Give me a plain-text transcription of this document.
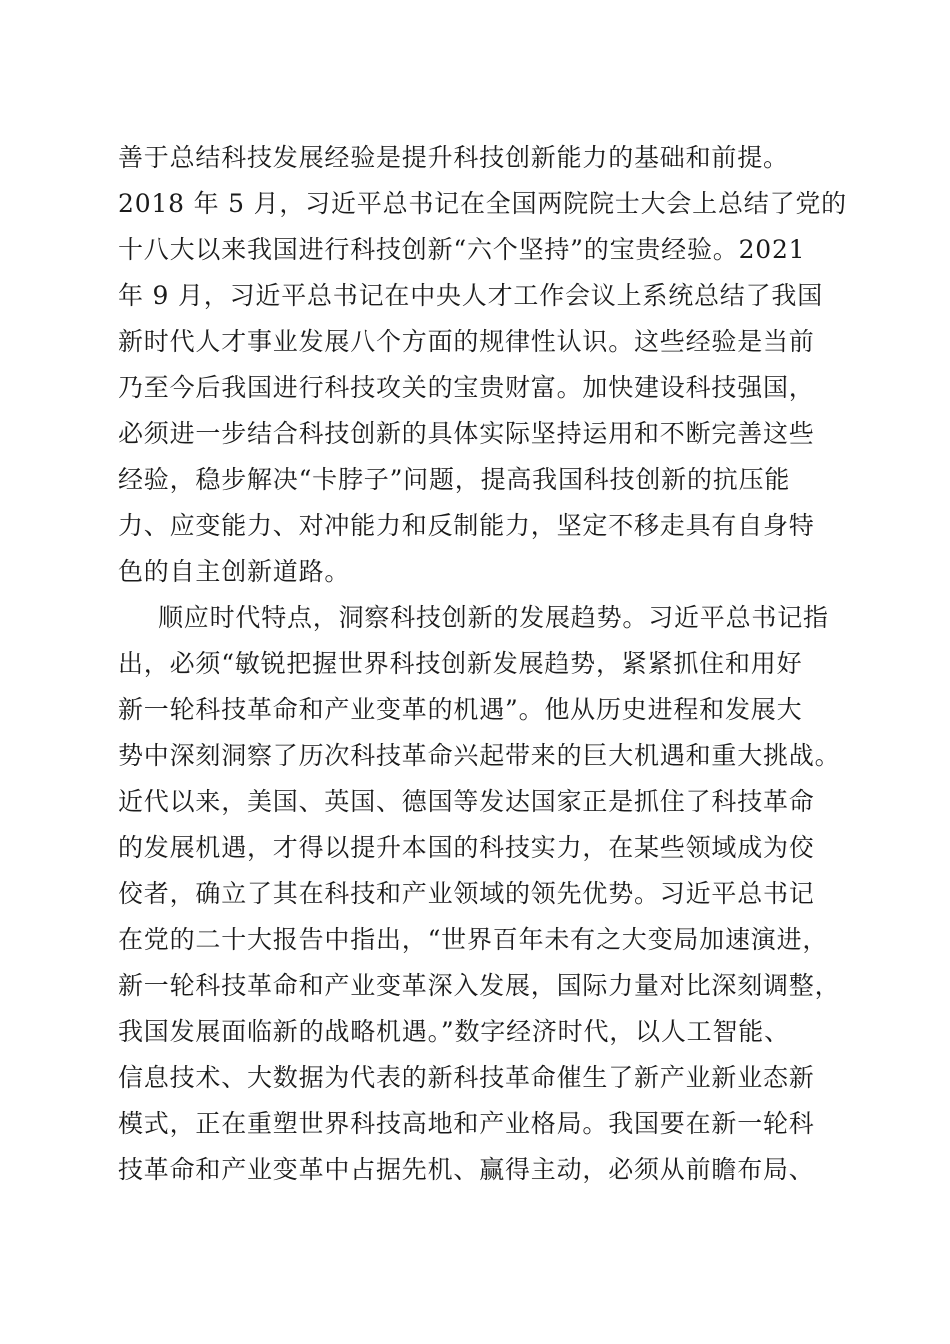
善于总结科技发展经验是提升科技创新能力的基础和前提。
2018 年 5 月，习近平总书记在全国两院院士大会上总结了党的
十八大以来我国进行科技创新“六个坚持”的宝贵经验。2021
年 9 月，习近平总书记在中央人才工作会议上系统总结了我国
新时代人才事业发展八个方面的规律性认识。这些经验是当前
乃至今后我国进行科技攻关的宝贵财富。加快建设科技强国，
必须进一步结合科技创新的具体实际坚持运用和不断完善这些
经验，稳步解决“卡脖子”问题，提高我国科技创新的抗压能
力、应变能力、对冲能力和反制能力，坚定不移走具有自身特
色的自主创新道路。
顺应时代特点，洞察科技创新的发展趋势。习近平总书记指
出，必须“敏锐把握世界科技创新发展趋势，紧紧抓住和用好
新一轮科技革命和产业变革的机遇”。他从历史进程和发展大
势中深刻洞察了历次科技革命兴起带来的巨大机遇和重大挑战。
近代以来，美国、英国、德国等发达国家正是抓住了科技革命
的发展机遇，才得以提升本国的科技实力，在某些领域成为佼
佼者，确立了其在科技和产业领域的领先优势。习近平总书记
在党的二十大报告中指出，“世界百年未有之大变局加速演进，
新一轮科技革命和产业变革深入发展，国际力量对比深刻调整，
我国发展面临新的战略机遇。”数字经济时代，以人工智能、
信息技术、大数据为代表的新科技革命催生了新产业新业态新
模式，正在重塑世界科技高地和产业格局。我国要在新一轮科
技革命和产业变革中占据先机、赢得主动，必须从前瞻布局、
